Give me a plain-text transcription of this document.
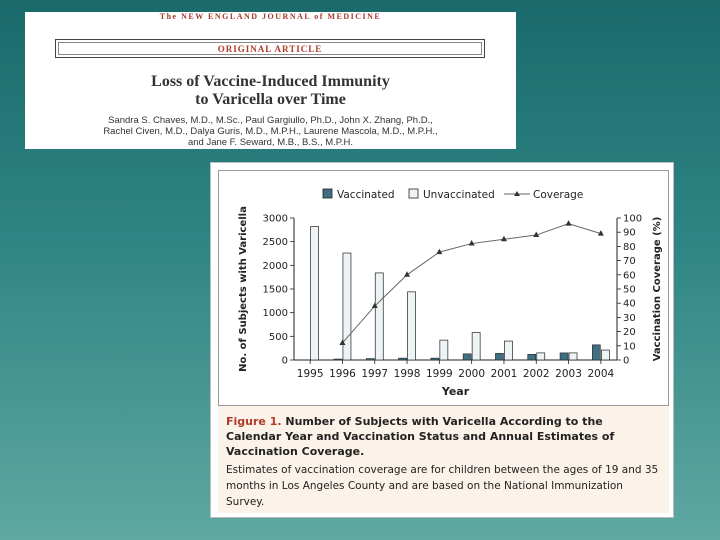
The NEW ENGLAND JOURNAL of MEDICINE
ORIGINAL ARTICLE
Loss of Vaccine-Induced Immunity
to Varicella over Time
Sandra S. Chaves, M.D., M.Sc., Paul Gargiullo, Ph.D., John X. Zhang, Ph.D.,
Rachel Civen, M.D., Dalya Guris, M.D., M.P.H., Laurene Mascola, M.D., M.P.H.,
and Jane F. Seward, M.B., B.S., M.P.H.
Vaccinated	Unvaccinated	Coverage
0
500
1000
1500
2000
2500
3000
0
10
20
30
40
50
60
70
80
90
100
1995 1996 1997 1998 1999 2000 2001 2002 2003 2004
Year
No. of Subjects with Varicella	Vaccination Coverage (%)
Figure 1. Number of Subjects with Varicella According to the Calendar Year and Vaccination Status and Annual Estimates of Vaccination Coverage.
Estimates of vaccination coverage are for children between the ages of 19 and 35 months in Los Angeles County and are based on the National Immunization Survey.
